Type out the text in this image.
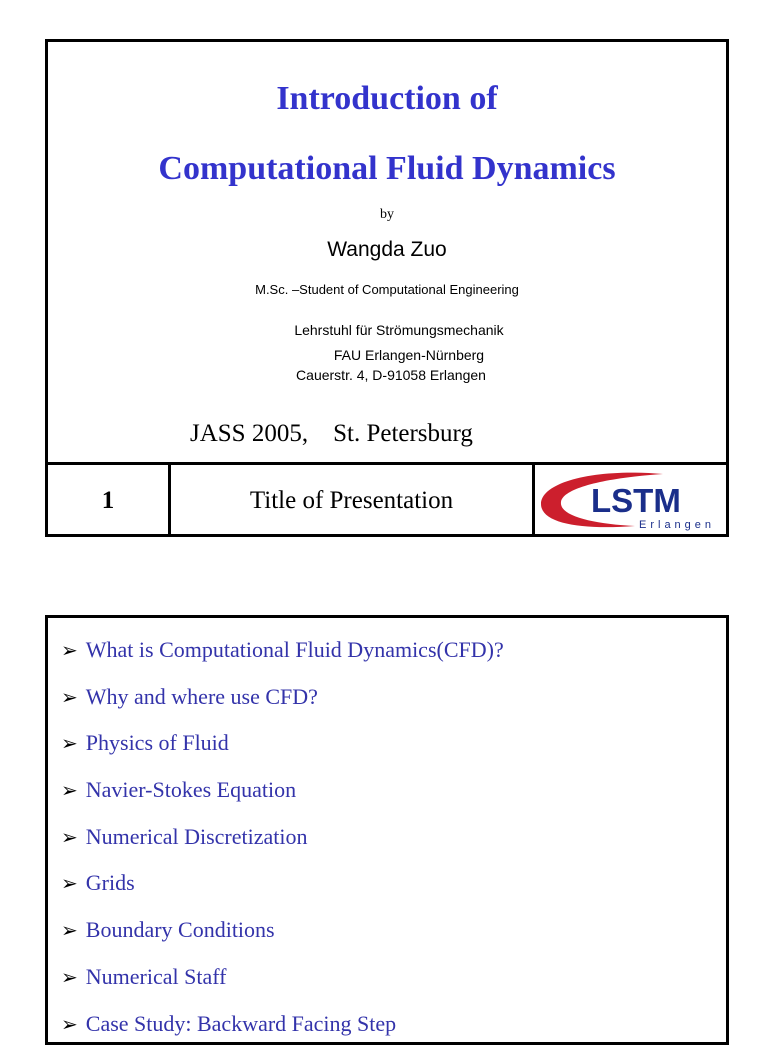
Introduction of
Computational Fluid Dynamics
by
Wangda Zuo
M.Sc. –Student of Computational Engineering
Lehrstuhl für Strömungsmechanik
FAU Erlangen-Nürnberg
Cauerstr. 4, D-91058 Erlangen
JASS 2005,    St. Petersburg
1	Title of Presentation	LSTM
Erlangen
➢ What is Computational Fluid Dynamics(CFD)?
➢ Why and where use CFD?
➢ Physics of Fluid
➢ Navier-Stokes Equation
➢ Numerical Discretization
➢ Grids
➢ Boundary Conditions
➢ Numerical Staff
➢ Case Study: Backward Facing Step
